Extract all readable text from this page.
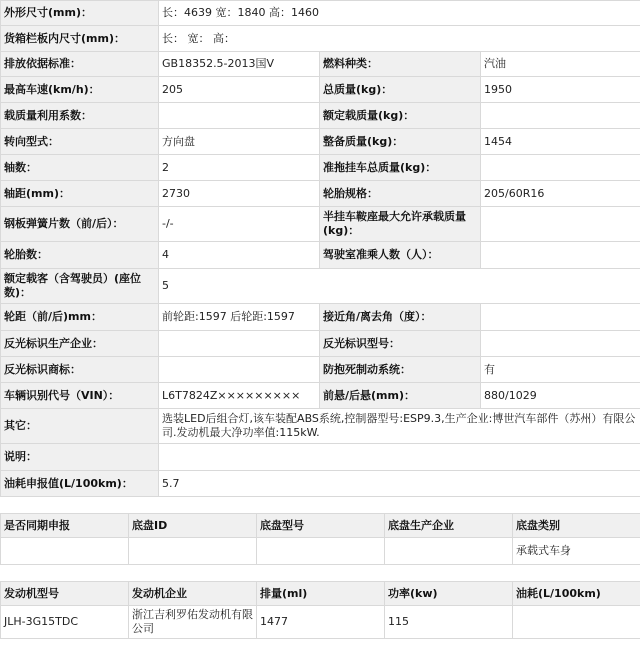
外形尺寸(mm)：	长：4639 宽：1840 高：1460		
货箱栏板内尺寸(mm)：	长： 宽： 高：		
排放依据标准：	GB18352.5-2013国Ⅴ	燃料种类：	汽油
最高车速(km/h)：	205	总质量(kg)：	1950
载质量利用系数：		额定载质量(kg)：	
转向型式：	方向盘	整备质量(kg)：	1454
轴数：	2	准拖挂车总质量(kg)：	
轴距(mm)：	2730	轮胎规格：	205/60R16
钢板弹簧片数（前/后）：	-/-	半挂车鞍座最大允许承载质量(kg)：	
轮胎数：	4	驾驶室准乘人数（人）：	
额定载客（含驾驶员）(座位数)：	5		
轮距（前/后)mm：	前轮距:1597 后轮距:1597	接近角/离去角（度）：	
反光标识生产企业：		反光标识型号：	
反光标识商标：		防抱死制动系统：	有
车辆识别代号（VIN）：	L6T7824Z×××××××××	前悬/后悬(mm)：	880/1029
其它：	选装LED后组合灯,该车装配ABS系统,控制器型号:ESP9.3,生产企业:博世汽车部件（苏州）有限公司.发动机最大净功率值:115kW.		
说明：			
油耗申报值(L/100km)：	5.7		
是否同期申报	底盘ID	底盘型号	底盘生产企业	底盘类别
				承载式车身
发动机型号	发动机企业	排量(ml)	功率(kw)	油耗(L/100km)
JLH-3G15TDC	浙江吉利罗佑发动机有限公司	1477	115	
